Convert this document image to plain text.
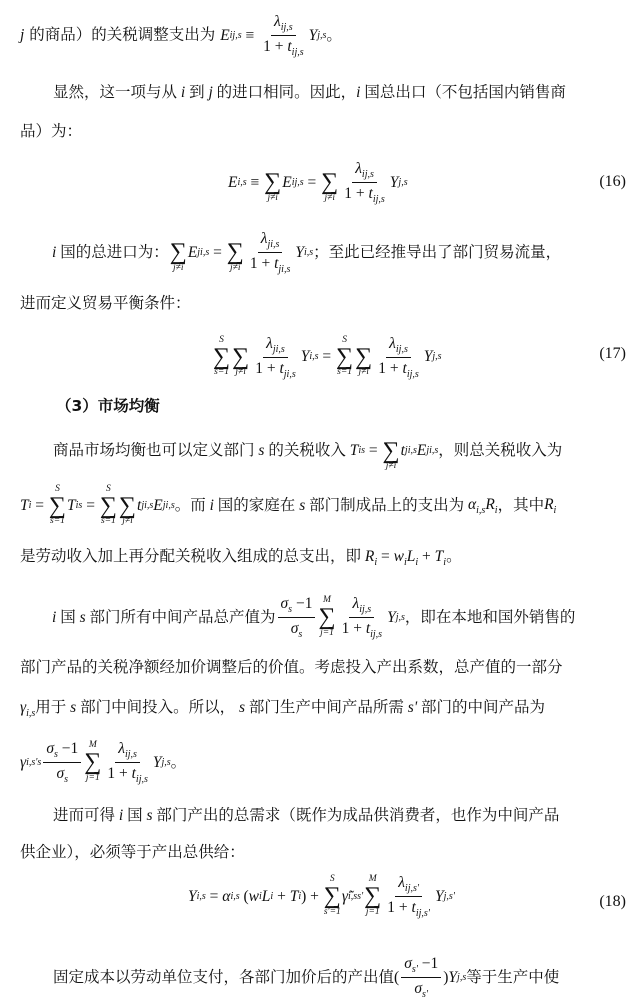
j 的商品）的关税调整支出为 E $ij,s \equiv \frac{\lambda_{ij,s}}{1 + t_{ij,s}}$ Y j,s 。
显然，这一项与从 i 到 j 的进口相同。因此，i 国总出口（不包括国内销售商
品）为：
E i,s ≡
∑
j≠i
E ij,s =
∑
$j\ne i \frac{\lambda_{ij,s}}{1 + t_{ij,s}}$ Y j,s	(16)
i 国的总进口为：
∑
j≠i
E ji,s =
∑
$j\ne i \frac{\lambda_{ji,s}}{1 + t_{ji,s}}$ Y i,s ；至此已经推导出了部门贸易流量，
进而定义贸易平衡条件：
S
∑
s=1

∑
$j\ne i \frac{\lambda_{ji,s}}{1 + t_{ji,s}}$ Y i,s =
S
∑
s=1

∑
$j\ne i \frac{\lambda_{ij,s}}{1 + t_{ij,s}}$ Y j,s	(17)
（3）市场均衡
商品市场均衡也可以定义部门 s 的关税收入 T is =
∑
j≠i
t ji,s E ji,s ，则总关税收入为
T i =
S
∑
s=1
T is =
S
∑
s=1

∑
j≠i
t ji,s E ji,s 。而 i 国的家庭在 s 部门制成品上的支出为 $\alpha_{i,s}R_i$ ，其中 $R_i$
是劳动收入加上再分配关税收入组成的总支出，即 $R_i = w_iL_i + T_i$。
i 国 s 部门所有中间产品总产值为 $\frac{\sigma_s -1}{\sigma_s}$ M
∑
$j=1 \frac{\lambda_{ij,s}}{1 + t_{ij,s}}$ Y j,s ，即在本地和国外销售的
部门产品的关税净额经加价调整后的价值。考虑投入产出系数，总产值的一部分
$\gamma_{i,s}$用于 s 部门中间投入。所以， s 部门生产中间产品所需 s' 部门的中间产品为
γ $i,s's \frac{\sigma_s -1}{\sigma_s}$ M
∑
$j=1 \frac{\lambda_{ij,s}}{1 + t_{ij,s}}$ Y j,s 。
进而可得 i 国 s 部门产出的总需求（既作为成品供消费者，也作为中间产品
供企业），必须等于产出总供给：
Y i,s = α i,s ( w i L i + T i ) +
S
∑
s'=1
γ̃ i,ss'
M
∑
$j=1 \frac{\lambda_{ij,s'}}{1 + t_{ij,s'}}$ Y j,s'	(18)
固定成本以劳动单位支付，各部门加价后的产出值 ( $\frac{\sigma_{s'} -1}{\sigma_{s'}}$ ) Y j,s 等于生产中使
